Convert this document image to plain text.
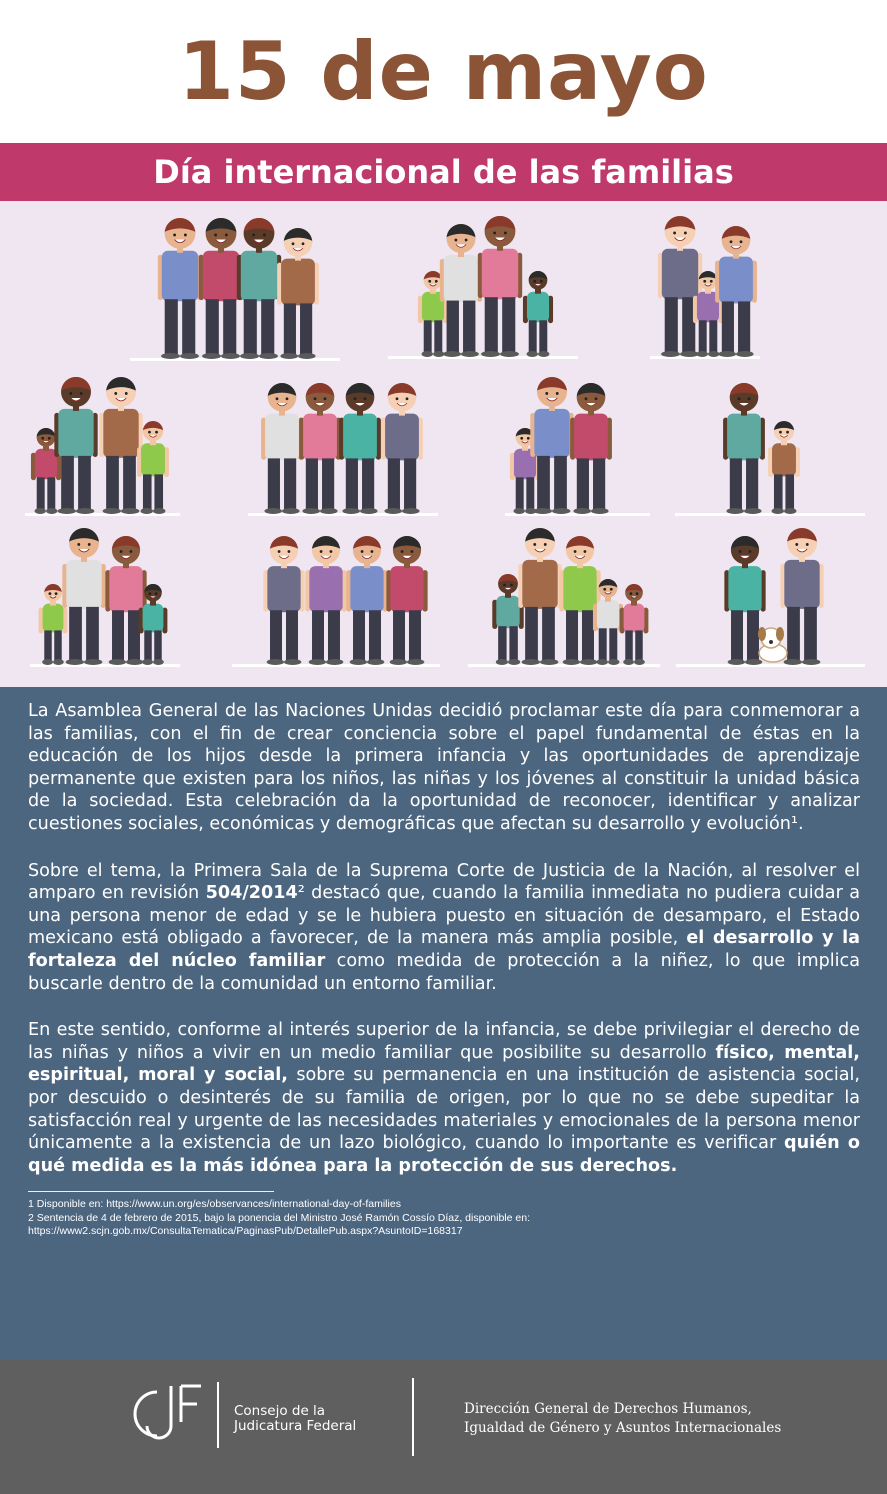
15 de mayo
Día internacional de las familias

La Asamblea General de las Naciones Unidas decidió proclamar este día para conmemorar a las familias, con el fin de crear conciencia sobre el papel fundamental de éstas en la educación de los hijos desde la primera infancia y las oportunidades de aprendizaje permanente que existen para los niños, las niñas y los jóvenes al constituir la unidad básica de la sociedad. Esta celebración da la oportunidad de reconocer, identificar y analizar cuestiones sociales, económicas y demográficas que afectan su desarrollo y evolución¹.

Sobre el tema, la Primera Sala de la Suprema Corte de Justicia de la Nación, al resolver el amparo en revisión 504/2014² destacó que, cuando la familia inmediata no pudiera cuidar a una persona menor de edad y se le hubiera puesto en situación de desamparo, el Estado mexicano está obligado a favorecer, de la manera más amplia posible, el desarrollo y la fortaleza del núcleo familiar como medida de protección a la niñez, lo que implica buscarle dentro de la comunidad un entorno familiar.

En este sentido, conforme al interés superior de la infancia, se debe privilegiar el derecho de las niñas y niños a vivir en un medio familiar que posibilite su desarrollo físico, mental, espiritual, moral y social, sobre su permanencia en una institución de asistencia social, por descuido o desinterés de su familia de origen, por lo que no se debe supeditar la satisfacción real y urgente de las necesidades materiales y emocionales de la persona menor únicamente a la existencia de un lazo biológico, cuando lo importante es verificar quién o qué medida es la más idónea para la protección de sus derechos.

1 Disponible en: https://www.un.org/es/observances/international-day-of-families
2 Sentencia de 4 de febrero de 2015, bajo la ponencia del Ministro José Ramón Cossío Díaz, disponible en:
https://www2.scjn.gob.mx/ConsultaTematica/PaginasPub/DetallePub.aspx?AsuntoID=168317
Consejo de la
Judicatura Federal
Dirección General de Derechos Humanos,
Igualdad de Género y Asuntos Internacionales
